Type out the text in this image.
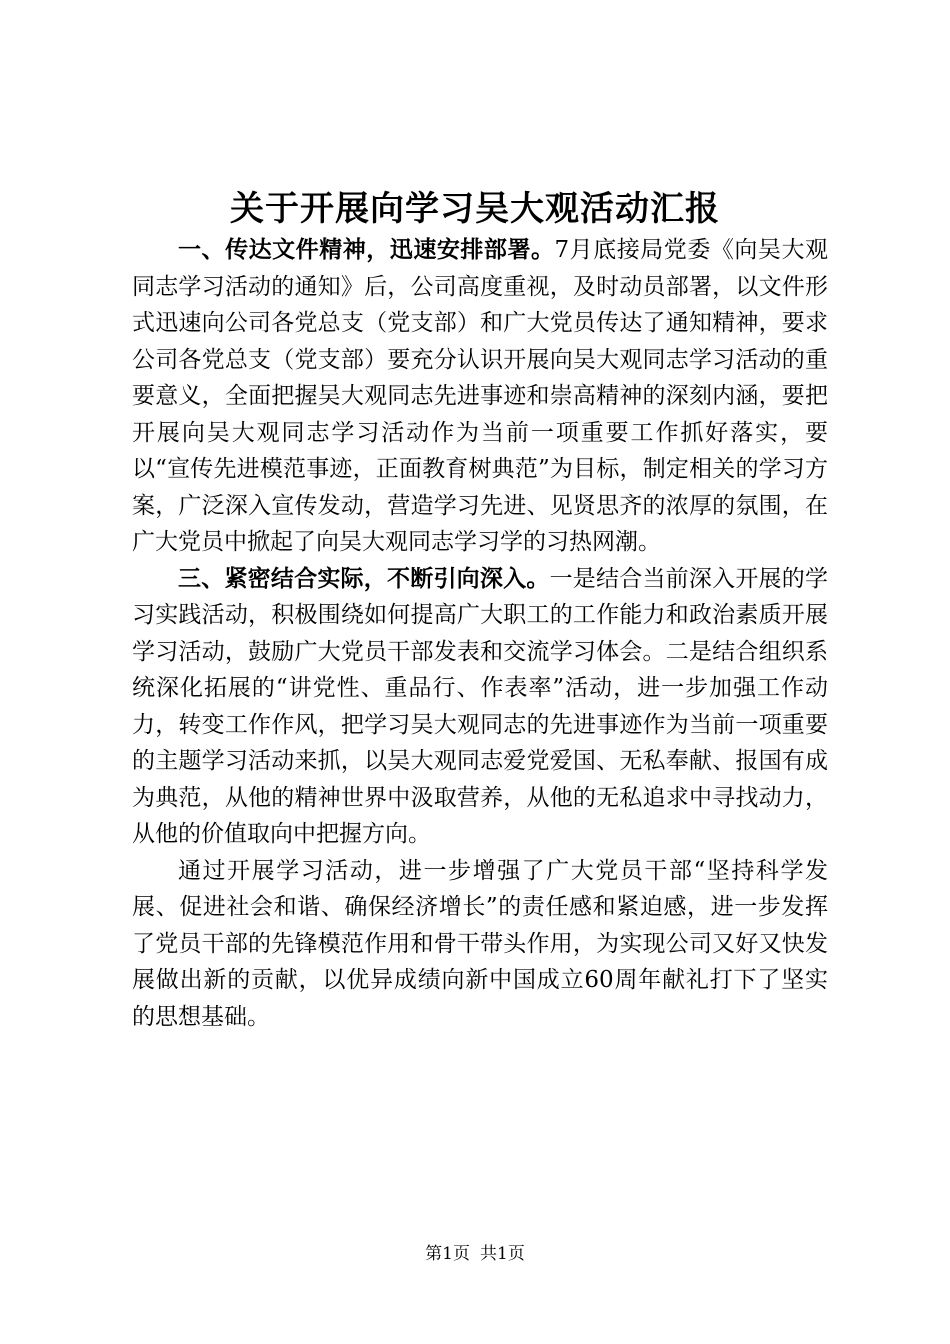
关于开展向学习吴大观活动汇报

一、传达文件精神，迅速安排部署。7月底接局党委《向吴大观同志学习活动的通知》后，公司高度重视，及时动员部署，以文件形式迅速向公司各党总支（党支部）和广大党员传达了通知精神，要求公司各党总支（党支部）要充分认识开展向吴大观同志学习活动的重要意义，全面把握吴大观同志先进事迹和崇高精神的深刻内涵，要把开展向吴大观同志学习活动作为当前一项重要工作抓好落实，要以“宣传先进模范事迹，正面教育树典范”为目标，制定相关的学习方案，广泛深入宣传发动，营造学习先进、见贤思齐的浓厚的氛围，在广大党员中掀起了向吴大观同志学习学的习热网潮。

三、紧密结合实际，不断引向深入。一是结合当前深入开展的学习实践活动，积极围绕如何提高广大职工的工作能力和政治素质开展学习活动，鼓励广大党员干部发表和交流学习体会。二是结合组织系统深化拓展的“讲党性、重品行、作表率”活动，进一步加强工作动力，转变工作作风，把学习吴大观同志的先进事迹作为当前一项重要的主题学习活动来抓，以吴大观同志爱党爱国、无私奉献、报国有成为典范，从他的精神世界中汲取营养，从他的无私追求中寻找动力，从他的价值取向中把握方向。

通过开展学习活动，进一步增强了广大党员干部“坚持科学发展、促进社会和谐、确保经济增长”的责任感和紧迫感，进一步发挥了党员干部的先锋模范作用和骨干带头作用，为实现公司又好又快发展做出新的贡献，以优异成绩向新中国成立60周年献礼打下了坚实的思想基础。

第1页 共1页
